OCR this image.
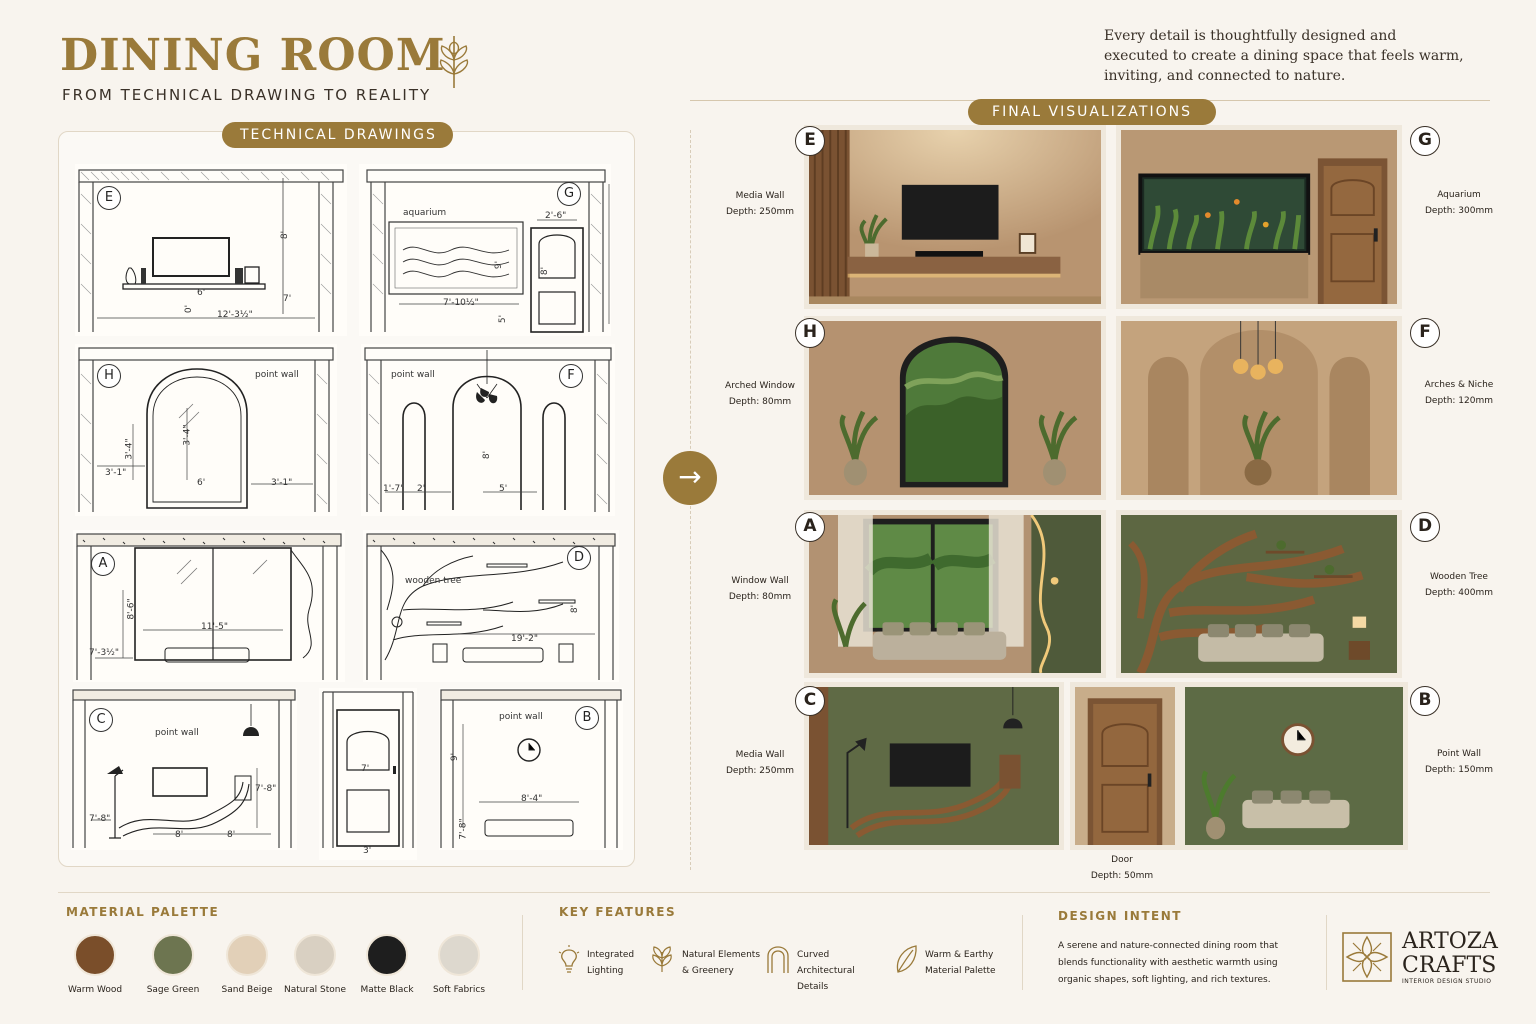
DINING ROOM
FROM TECHNICAL DRAWING TO REALITY
Every detail is thoughtfully designed and executed to create a dining space that feels warm, inviting, and connected to nature.
E
8'
6'
12'-3½"
7'
0'
G
aquarium	2'-6"
7'-10½"
8'
9'
5'
H	point wall
3'-4"
3'-1"
6'	3'-1"
3'-4"
F
point wall
8'
1'-7" 2'	5'
A
11'-5"
8'-6"
7'-3½"
D
wooden tree
19'-2"
8'
C
point wall
7'-8"
7'-8"
8'	8'
7'
3'
B
point wall
8'-4"
9'
7'-8"
TECHNICAL DRAWINGS
→
FINAL VISUALIZATIONS
E	G
H	F
A	D
C	B
Media Wall
Depth: 250mm
Aquarium
Depth: 300mm
Arched Window
Depth: 80mm
Arches & Niche
Depth: 120mm
Window Wall
Depth: 80mm
Wooden Tree
Depth: 400mm
Media Wall
Depth: 250mm
Door
Depth: 50mm
Point Wall
Depth: 150mm
MATERIAL PALETTE
Warm Wood	Sage Green	Sand Beige	Natural Stone	Matte Black	Soft Fabrics
KEY FEATURES
Integrated
Lighting
Natural Elements
& Greenery
Curved Architectural
Details
Warm & Earthy
Material Palette
DESIGN INTENT
A serene and nature-connected dining room that blends functionality with aesthetic warmth using organic shapes, soft lighting, and rich textures.
ARTOZA
CRAFTS
INTERIOR DESIGN STUDIO
